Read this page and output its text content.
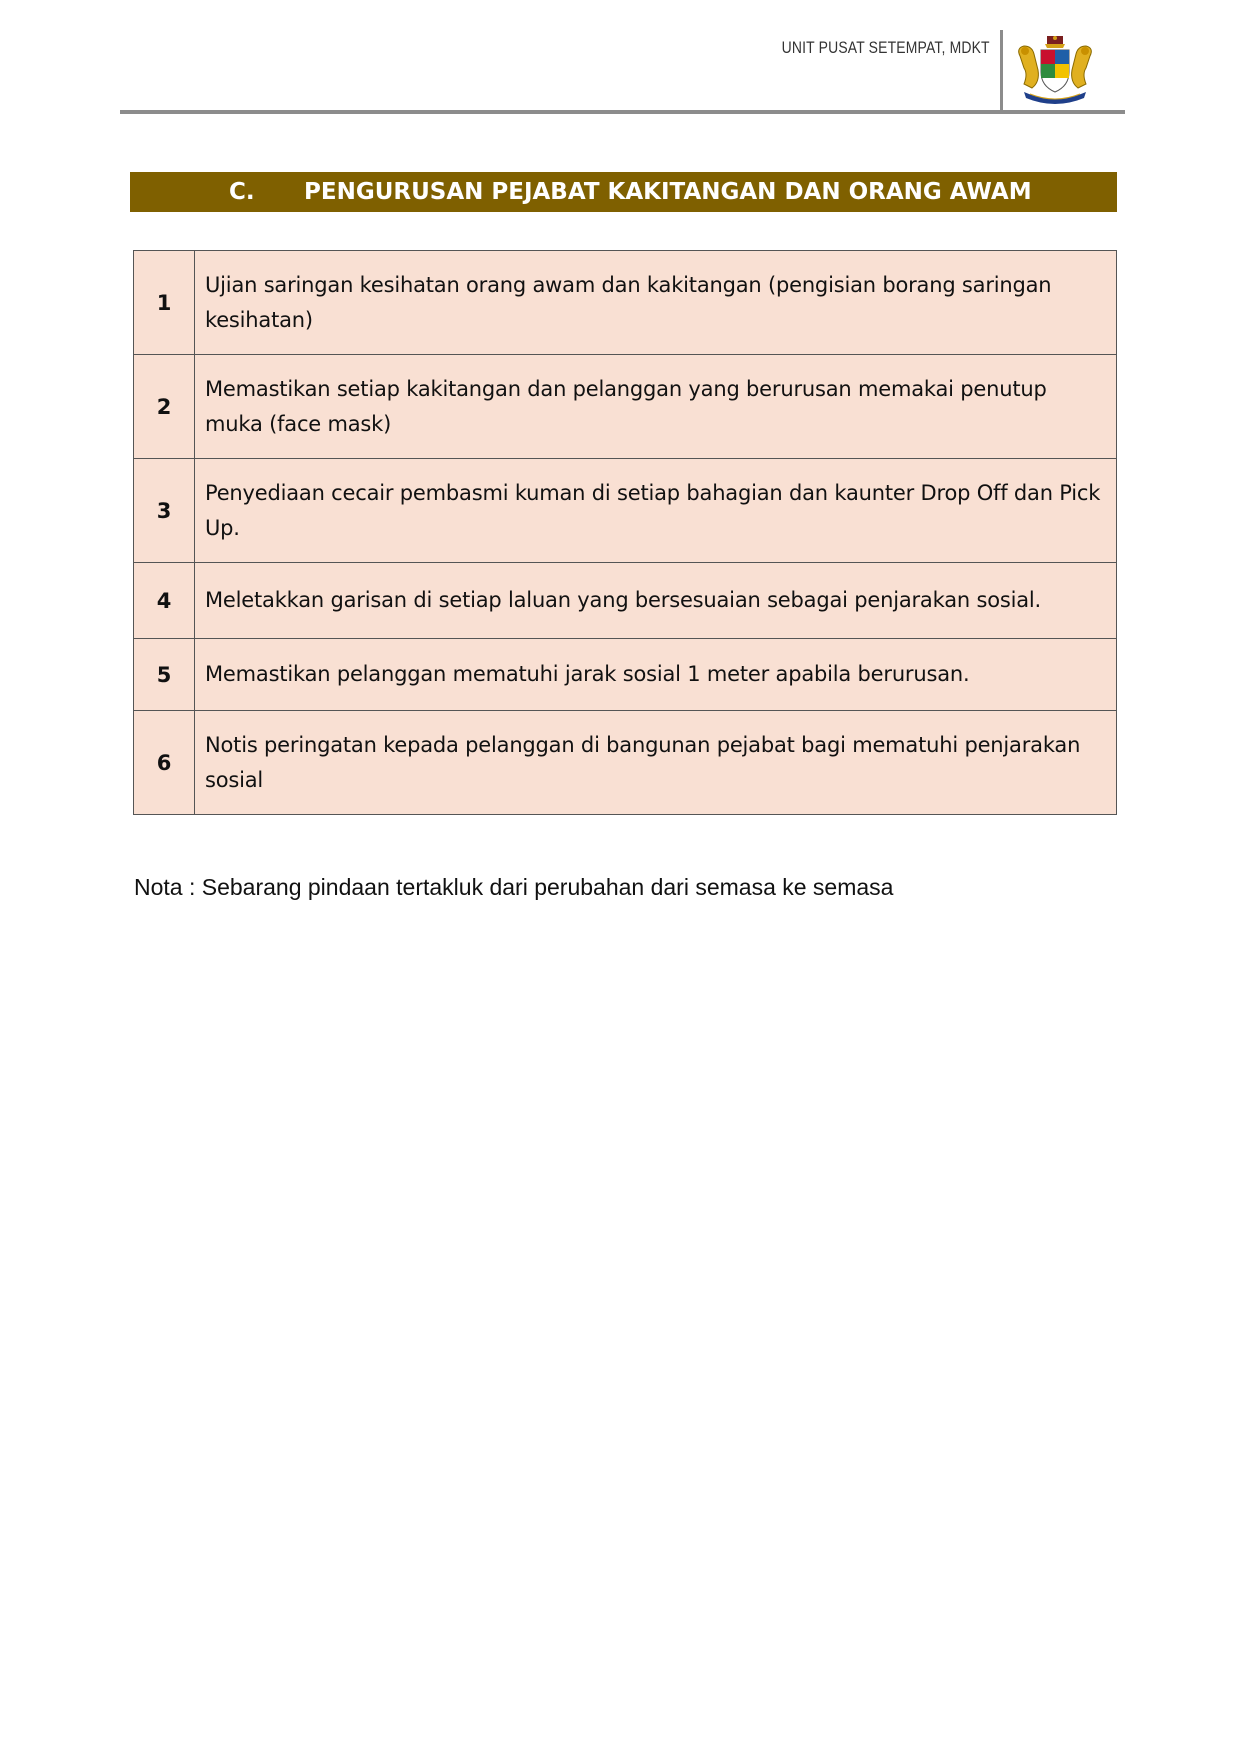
UNIT PUSAT SETEMPAT, MDKT
C. PENGURUSAN PEJABAT KAKITANGAN DAN ORANG AWAM
1	Ujian saringan kesihatan orang awam dan kakitangan (pengisian borang saringan kesihatan)
2	Memastikan setiap kakitangan dan pelanggan yang berurusan memakai penutup muka (face mask)
3	Penyediaan cecair pembasmi kuman di setiap bahagian dan kaunter Drop Off dan Pick Up.
4	Meletakkan garisan di setiap laluan yang bersesuaian sebagai penjarakan sosial.
5	Memastikan pelanggan mematuhi jarak sosial 1 meter apabila berurusan.
6	Notis peringatan kepada pelanggan di bangunan pejabat bagi mematuhi penjarakan sosial
Nota : Sebarang pindaan tertakluk dari perubahan dari semasa ke semasa
